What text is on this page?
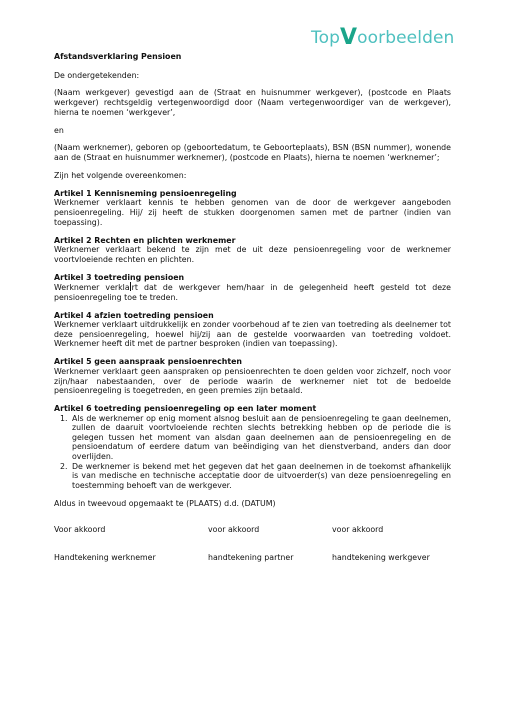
TopVoorbeelden

Afstandsverklaring Pensioen

De ondergetekenden:

(Naam werkgever) gevestigd aan de (Straat en huisnummer werkgever), (postcode en Plaats werkgever) rechtsgeldig vertegenwoordigd door (Naam vertegenwoordiger van de werkgever), hierna te noemen ‘werkgever’,

en

(Naam werknemer), geboren op (geboortedatum, te Geboorteplaats), BSN (BSN nummer), wonende aan de (Straat en huisnummer werknemer), (postcode en Plaats), hierna te noemen ‘werknemer’;

Zijn het volgende overeenkomen:

Artikel 1 Kennisneming pensioenregeling

Werknemer verklaart kennis te hebben genomen van de door de werkgever aangeboden pensioenregeling. Hij/ zij heeft de stukken doorgenomen samen met de partner (indien van toepassing).

Artikel 2 Rechten en plichten werknemer

Werknemer verklaart bekend te zijn met de uit deze pensioenregeling voor de werknemer voortvloeiende rechten en plichten.

Artikel 3 toetreding pensioen

Werknemer verkla rt dat de werkgever hem/haar in de gelegenheid heeft gesteld tot deze pensioenregeling toe te treden.

Artikel 4 afzien toetreding pensioen

Werknemer verklaart uitdrukkelijk en zonder voorbehoud af te zien van toetreding als deelnemer tot deze pensioenregeling, hoewel hij/zij aan de gestelde voorwaarden van toetreding voldoet. Werknemer heeft dit met de partner besproken (indien van toepassing).

Artikel 5 geen aanspraak pensioenrechten

Werknemer verklaart geen aanspraken op pensioenrechten te doen gelden voor zichzelf, noch voor zijn/haar nabestaanden, over de periode waarin de werknemer niet tot de bedoelde pensioenregeling is toegetreden, en geen premies zijn betaald.

Artikel 6 toetreding pensioenregeling op een later moment

1. Als de werknemer op enig moment alsnog besluit aan de pensioenregeling te gaan deelnemen, zullen de daaruit voortvloeiende rechten slechts betrekking hebben op de periode die is gelegen tussen het moment van alsdan gaan deelnemen aan de pensioenregeling en de pensioendatum of eerdere datum van beëindiging van het dienstverband, anders dan door overlijden.
2. De werknemer is bekend met het gegeven dat het gaan deelnemen in de toekomst afhankelijk is van medische en technische acceptatie door de uitvoerder(s) van deze pensioenregeling en toestemming behoeft van de werkgever.

Aldus in tweevoud opgemaakt te (PLAATS) d.d. (DATUM)

Voor akkoord	voor akkoord	voor akkoord
Handtekening werknemer	handtekening partner	handtekening werkgever
